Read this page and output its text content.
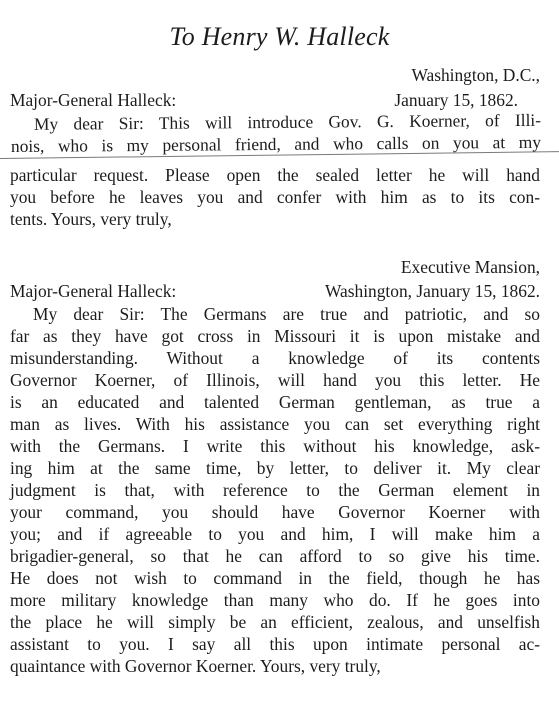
To Henry W. Halleck
Washington, D.C.,
Major-General Halleck:	January 15, 1862.
My dear Sir: This will introduce Gov. G. Koerner, of Illi-
nois, who is my personal friend, and who calls on you at my
particular request. Please open the sealed letter he will hand
you before he leaves you and confer with him as to its con-
tents. Yours, very truly,
Executive Mansion,
Major-General Halleck:	Washington, January 15, 1862.
My dear Sir: The Germans are true and patriotic, and so
far as they have got cross in Missouri it is upon mistake and
misunderstanding. Without a knowledge of its contents
Governor Koerner, of Illinois, will hand you this letter. He
is an educated and talented German gentleman, as true a
man as lives. With his assistance you can set everything right
with the Germans. I write this without his knowledge, ask-
ing him at the same time, by letter, to deliver it. My clear
judgment is that, with reference to the German element in
your command, you should have Governor Koerner with
you; and if agreeable to you and him, I will make him a
brigadier-general, so that he can afford to so give his time.
He does not wish to command in the field, though he has
more military knowledge than many who do. If he goes into
the place he will simply be an efficient, zealous, and unselfish
assistant to you. I say all this upon intimate personal ac-
quaintance with Governor Koerner. Yours, very truly,
